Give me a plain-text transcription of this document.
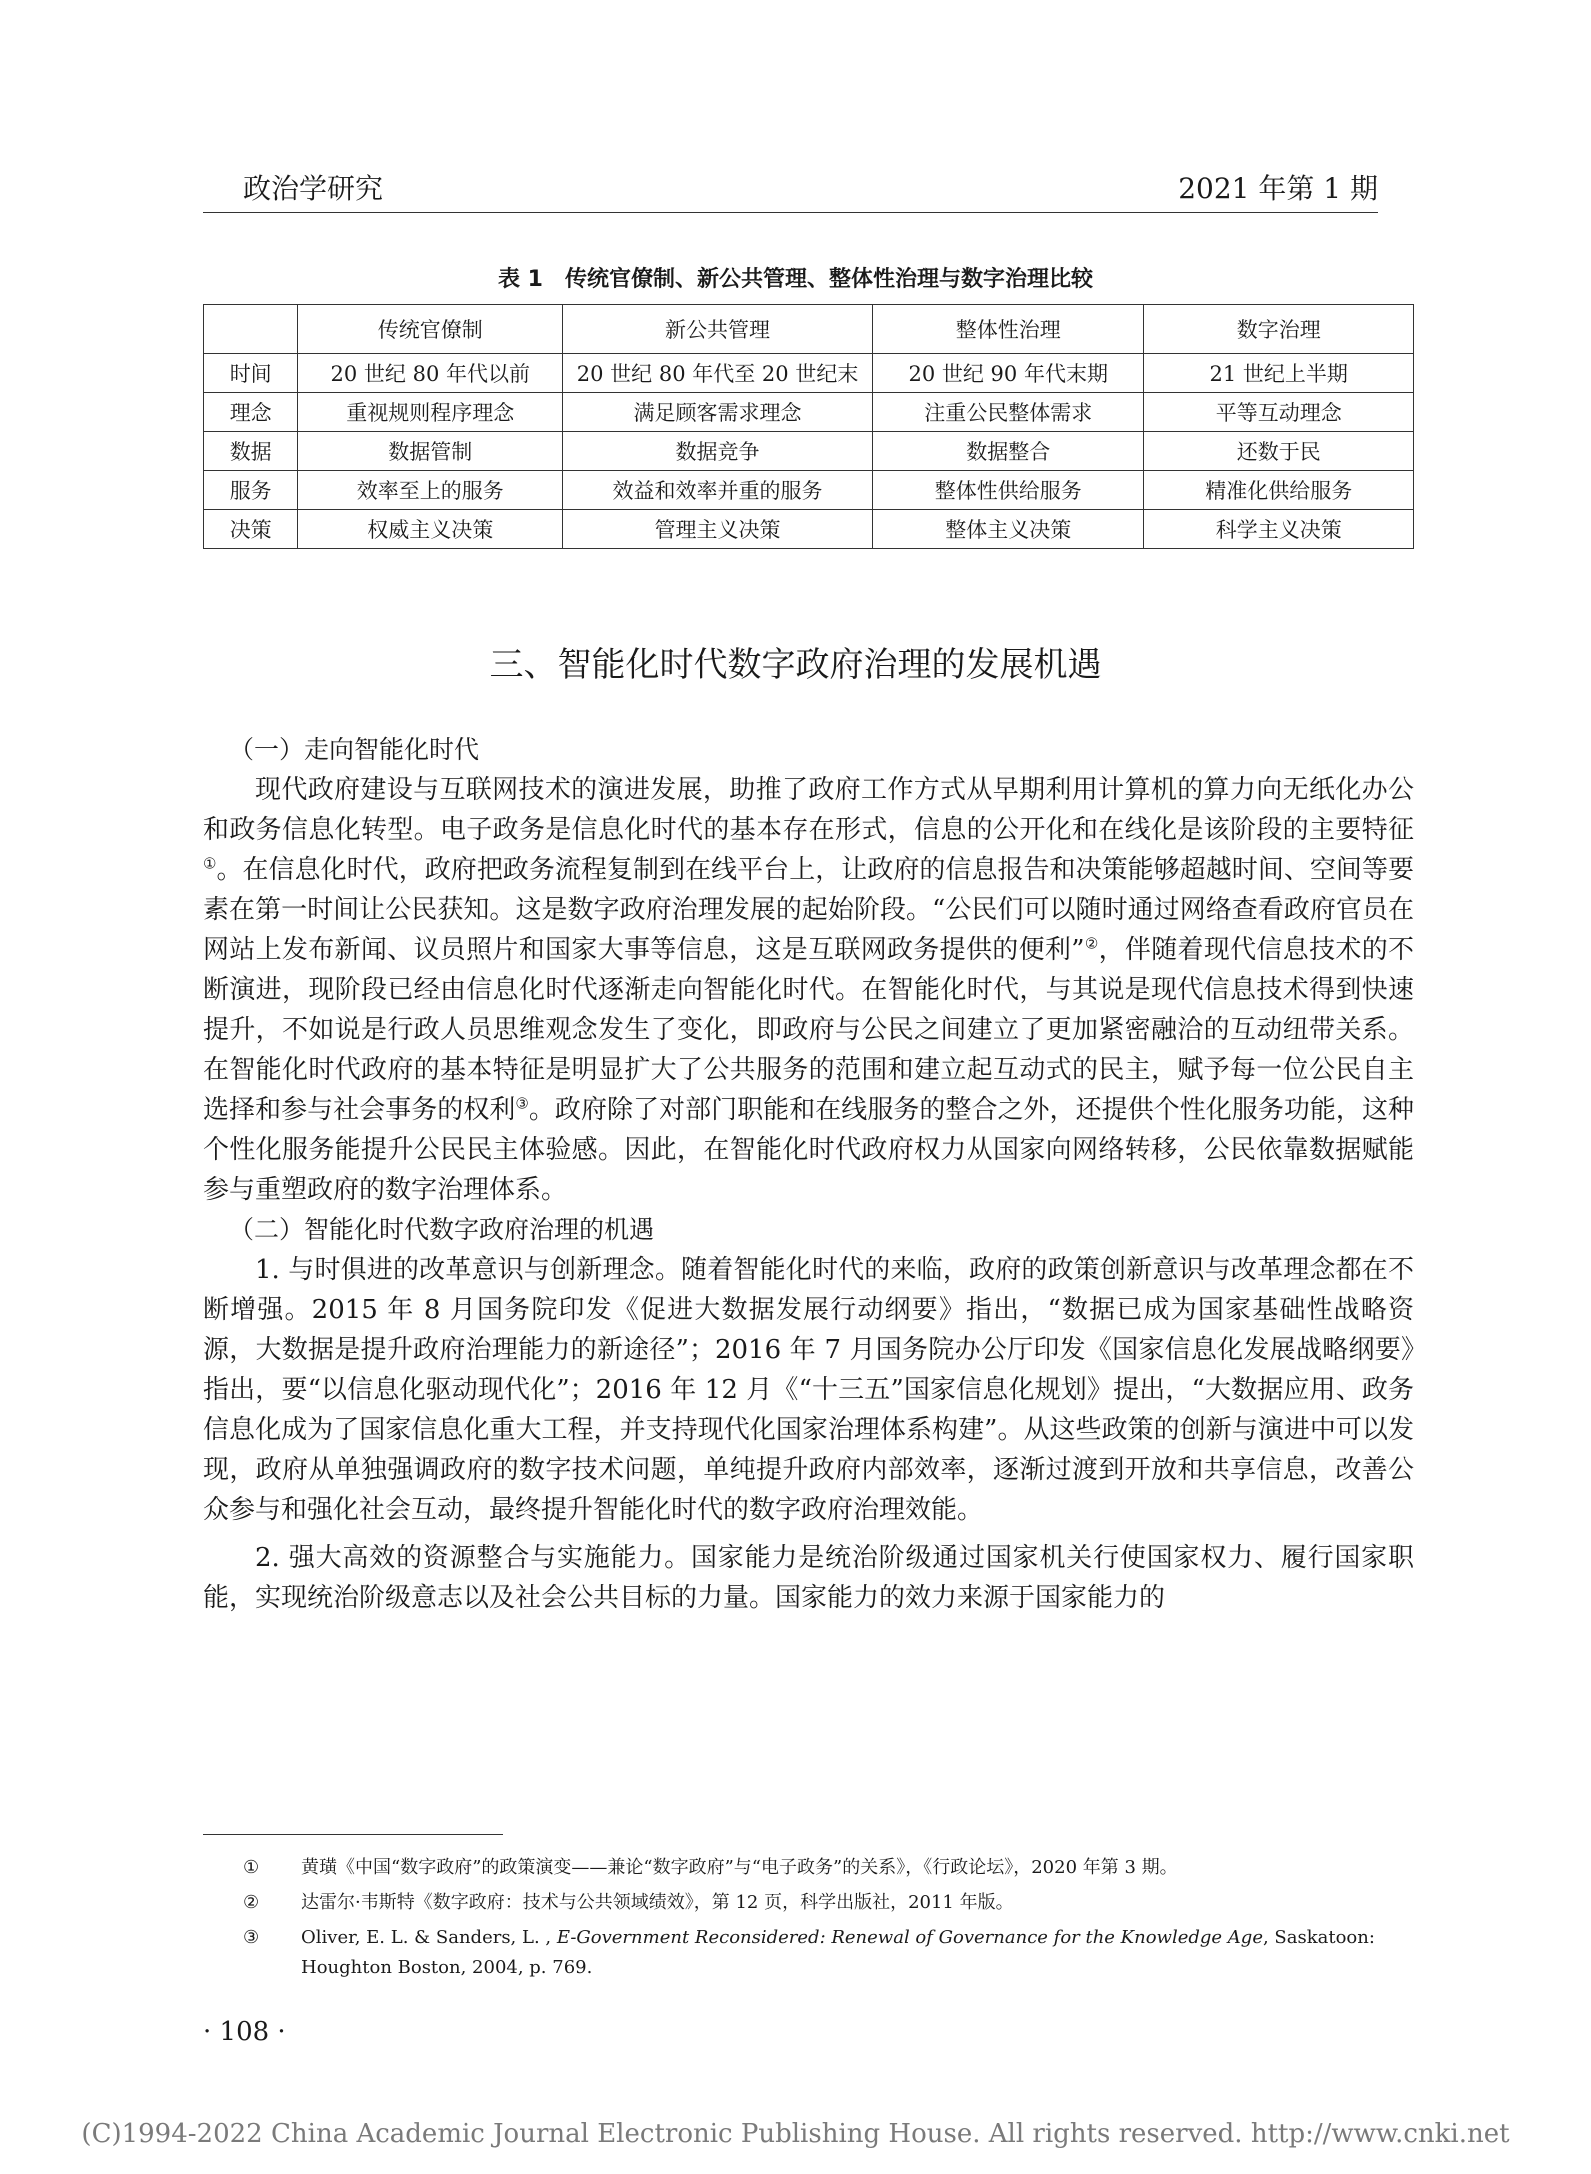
政治学研究	2021 年第 1 期
表 1　传统官僚制、新公共管理、整体性治理与数字治理比较
	传统官僚制	新公共管理	整体性治理	数字治理
时间	20 世纪 80 年代以前	20 世纪 80 年代至 20 世纪末	20 世纪 90 年代末期	21 世纪上半期
理念	重视规则程序理念	满足顾客需求理念	注重公民整体需求	平等互动理念
数据	数据管制	数据竞争	数据整合	还数于民
服务	效率至上的服务	效益和效率并重的服务	整体性供给服务	精准化供给服务
决策	权威主义决策	管理主义决策	整体主义决策	科学主义决策
三、智能化时代数字政府治理的发展机遇
（一）走向智能化时代

现代政府建设与互联网技术的演进发展，助推了政府工作方式从早期利用计算机的算力向无纸化办公和政务信息化转型。电子政务是信息化时代的基本存在形式，信息的公开化和在线化是该阶段的主要特征①。在信息化时代，政府把政务流程复制到在线平台上，让政府的信息报告和决策能够超越时间、空间等要素在第一时间让公民获知。这是数字政府治理发展的起始阶段。“公民们可以随时通过网络查看政府官员在网站上发布新闻、议员照片和国家大事等信息，这是互联网政务提供的便利”②，伴随着现代信息技术的不断演进，现阶段已经由信息化时代逐渐走向智能化时代。在智能化时代，与其说是现代信息技术得到快速提升，不如说是行政人员思维观念发生了变化，即政府与公民之间建立了更加紧密融洽的互动纽带关系。在智能化时代政府的基本特征是明显扩大了公共服务的范围和建立起互动式的民主，赋予每一位公民自主选择和参与社会事务的权利③。政府除了对部门职能和在线服务的整合之外，还提供个性化服务功能，这种个性化服务能提升公民民主体验感。因此，在智能化时代政府权力从国家向网络转移，公民依靠数据赋能参与重塑政府的数字治理体系。

（二）智能化时代数字政府治理的机遇

1. 与时俱进的改革意识与创新理念。随着智能化时代的来临，政府的政策创新意识与改革理念都在不断增强。2015 年 8 月国务院印发《促进大数据发展行动纲要》指出，“数据已成为国家基础性战略资源，大数据是提升政府治理能力的新途径”；2016 年 7 月国务院办公厅印发《国家信息化发展战略纲要》指出，要“以信息化驱动现代化”；2016 年 12 月《“十三五”国家信息化规划》提出，“大数据应用、政务信息化成为了国家信息化重大工程，并支持现代化国家治理体系构建”。从这些政策的创新与演进中可以发现，政府从单独强调政府的数字技术问题，单纯提升政府内部效率，逐渐过渡到开放和共享信息，改善公众参与和强化社会互动，最终提升智能化时代的数字政府治理效能。

2. 强大高效的资源整合与实施能力。国家能力是统治阶级通过国家机关行使国家权力、履行国家职能，实现统治阶级意志以及社会公共目标的力量。国家能力的效力来源于国家能力的

① 黄璜《中国“数字政府”的政策演变——兼论“数字政府”与“电子政务”的关系》，《行政论坛》，2020 年第 3 期。
② 达雷尔·韦斯特《数字政府：技术与公共领域绩效》，第 12 页，科学出版社，2011 年版。
③ Oliver, E. L. & Sanders, L. , E-Government Reconsidered: Renewal of Governance for the Knowledge Age, Saskatoon: Houghton Boston, 2004, p. 769.
· 108 ·
(C)1994-2022 China Academic Journal Electronic Publishing House. All rights reserved. http://www.cnki.net
